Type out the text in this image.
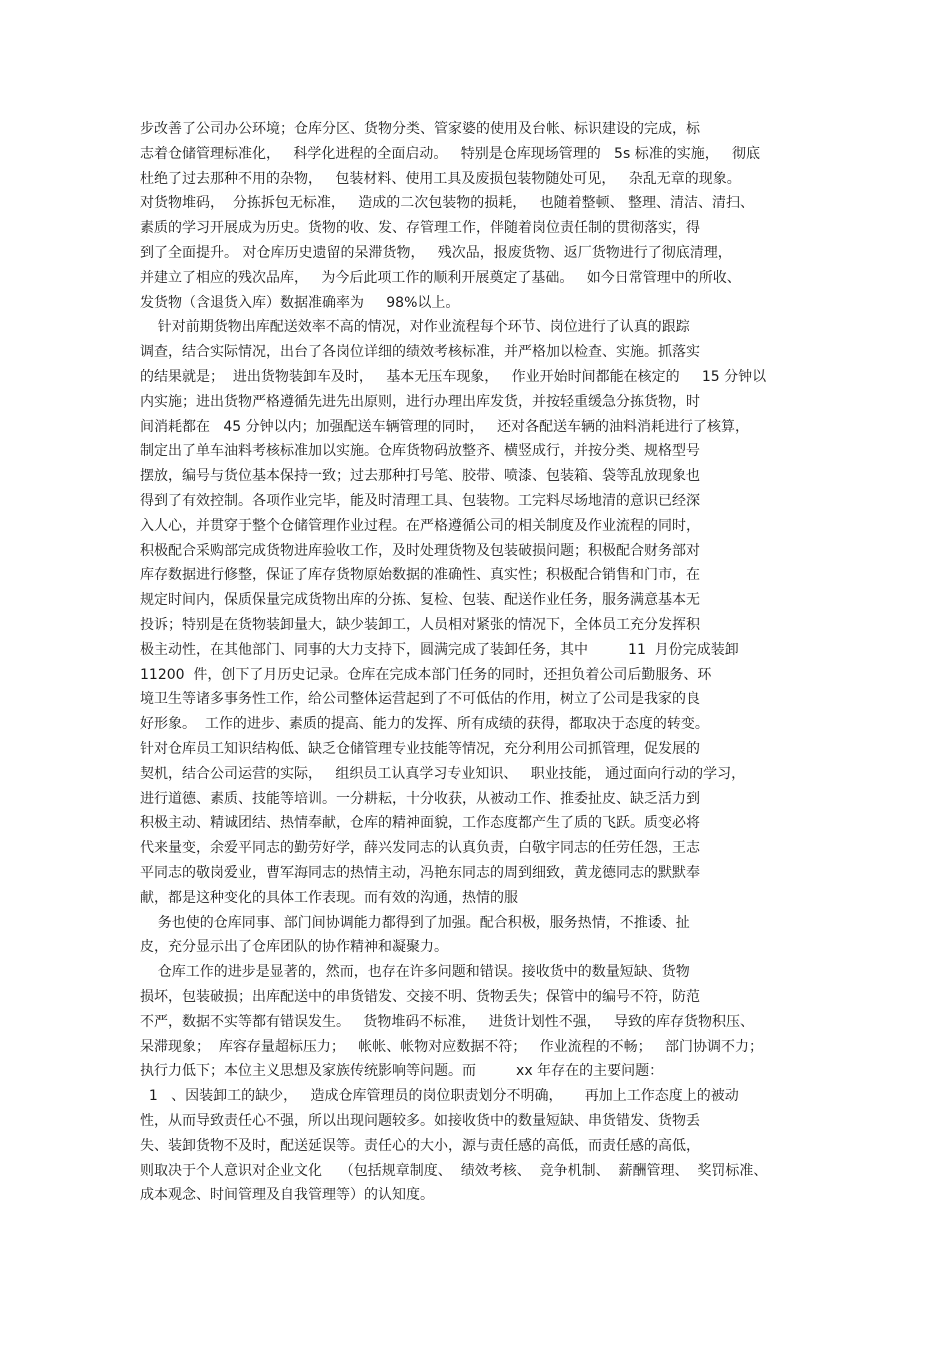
步改善了公司办公环境；仓库分区、货物分类、管家婆的使用及台帐、标识建设的完成，标

志着仓储管理标准化，   科学化进程的全面启动。   特别是仓库现场管理的   5s 标准的实施，   彻底

杜绝了过去那种不用的杂物，   包装材料、使用工具及废损包装物随处可见，   杂乱无章的现象。

对货物堆码，  分拣拆包无标准，   造成的二次包装物的损耗，   也随着整顿、 整理、清洁、清扫、

素质的学习开展成为历史。货物的收、发、存管理工作，伴随着岗位责任制的贯彻落实，得

到了全面提升。 对仓库历史遗留的呆滞货物，   残次品，报废货物、返厂货物进行了彻底清理，

并建立了相应的残次品库，   为今后此项工作的顺利开展奠定了基础。   如今日常管理中的所收、

发货物（含退货入库）数据准确率为     98%以上。

针对前期货物出库配送效率不高的情况，对作业流程每个环节、岗位进行了认真的跟踪

调查，结合实际情况，出台了各岗位详细的绩效考核标准，并严格加以检查、实施。抓落实

的结果就是；  进出货物装卸车及时，   基本无压车现象，   作业开始时间都能在核定的     15 分钟以

内实施；进出货物严格遵循先进先出原则，进行办理出库发货，并按轻重缓急分拣货物，时

间消耗都在   45 分钟以内；加强配送车辆管理的同时，   还对各配送车辆的油料消耗进行了核算，

制定出了单车油料考核标准加以实施。仓库货物码放整齐、横竖成行，并按分类、规格型号

摆放，编号与货位基本保持一致；过去那种打号笔、胶带、喷漆、包装箱、袋等乱放现象也

得到了有效控制。各项作业完毕，能及时清理工具、包装物。工完料尽场地清的意识已经深

入人心，并贯穿于整个仓储管理作业过程。在严格遵循公司的相关制度及作业流程的同时，

积极配合采购部完成货物进库验收工作，及时处理货物及包装破损问题；积极配合财务部对

库存数据进行修整，保证了库存货物原始数据的准确性、真实性；积极配合销售和门市，在

规定时间内，保质保量完成货物出库的分拣、复检、包装、配送作业任务，服务满意基本无

投诉；特别是在货物装卸量大，缺少装卸工，人员相对紧张的情况下，全体员工充分发挥积

极主动性，在其他部门、同事的大力支持下，圆满完成了装卸任务，其中         11  月份完成装卸

11200  件，创下了月历史记录。仓库在完成本部门任务的同时，还担负着公司后勤服务、环

境卫生等诸多事务性工作，给公司整体运营起到了不可低估的作用，树立了公司是我家的良

好形象。  工作的进步、素质的提高、能力的发挥、所有成绩的获得，都取决于态度的转变。

针对仓库员工知识结构低、缺乏仓储管理专业技能等情况，充分利用公司抓管理，促发展的

契机，结合公司运营的实际，   组织员工认真学习专业知识、   职业技能， 通过面向行动的学习，

进行道德、素质、技能等培训。一分耕耘，十分收获，从被动工作、推委扯皮、缺乏活力到

积极主动、精诚团结、热情奉献，仓库的精神面貌，工作态度都产生了质的飞跃。质变必将

代来量变，余爱平同志的勤劳好学，薛兴发同志的认真负责，白敬宇同志的任劳任怨，王志

平同志的敬岗爱业，曹军海同志的热情主动，冯艳东同志的周到细致，黄龙德同志的默默奉

献，都是这种变化的具体工作表现。而有效的沟通，热情的服

务也使的仓库同事、部门间协调能力都得到了加强。配合积极，服务热情，不推诿、扯

皮，充分显示出了仓库团队的协作精神和凝聚力。

仓库工作的进步是显著的，然而，也存在许多问题和错误。接收货中的数量短缺、货物

损坏，包装破损；出库配送中的串货错发、交接不明、货物丢失；保管中的编号不符，防范

不严，数据不实等都有错误发生。   货物堆码不标准，   进货计划性不强，   导致的库存货物积压、

呆滞现象；  库容存量超标压力；   帐帐、帐物对应数据不符；   作业流程的不畅；   部门协调不力；

执行力低下；本位主义思想及家族传统影响等问题。而         xx 年存在的主要问题：

1   、因装卸工的缺少，   造成仓库管理员的岗位职责划分不明确，     再加上工作态度上的被动

性，从而导致责任心不强，所以出现问题较多。如接收货中的数量短缺、串货错发、货物丢

失、装卸货物不及时，配送延误等。责任心的大小，源与责任感的高低，而责任感的高低，

则取决于个人意识对企业文化    （包括规章制度、  绩效考核、  竞争机制、  薪酬管理、  奖罚标准、

成本观念、时间管理及自我管理等）的认知度。
